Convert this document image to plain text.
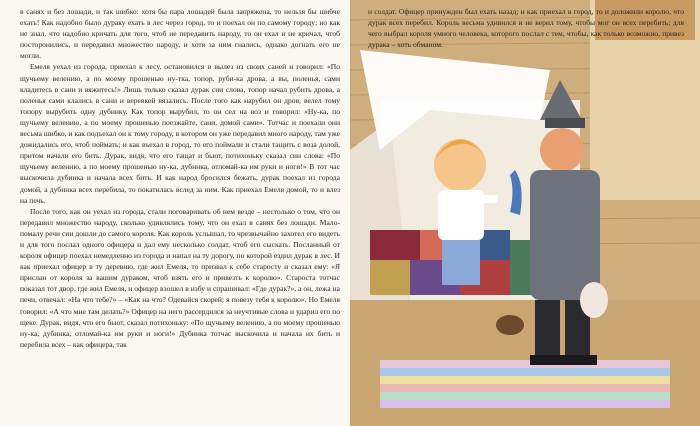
в санях и без лошади, и так шибко: хотя бы пара лошадей была запряжена, то нельзя бы шибче ехать! Как надобно было дураку ехать в лес через город, то и поехал он по самому городу; но как не знал, что надобно кричать для того, чтоб не передавить народу, то он ехал и не кричал, чтоб посторонились, и передавил множество народу, и хотя за ним гнались, однако догнать его не могли.

Емеля уехал из города, приехал к лесу, остановился и вылез из своих саней и говорил: «По щучьему велению, а по моему прошенью ну-тка, топор, руби-ка дрова, а вы, поленья, сами кладитесь в сани и вяжитесь!» Лишь только сказал дурак сии слова, топор начал рубить дрова, а поленья сами клались в сани и веревкой вязались. После того как нарубил он дров, велел тому топору вырубить одну дубинку. Как топор вырубил, то он сел на воз и говорил: «Ну-ка, по щучьему велению, а по моему прошенью поезжайте, сани, домой сами». Тотчас и поехали они весьма шибко, и как подъехал он к тому городу, в котором он уже передавил много народу, там уже дожидались его, чтоб поймать; и как въехал в город, то его поймали и стали тащить с воза долой, притом начали его бить. Дурак, видя, что его тащат и бьют, потихоньку сказал сии слова: «По щучьему велению, а по моему прошенью ну-ка, дубинка, отломай-ка им руки и ноги!» В тот час выскочила дубинка и начала всех бить. И как народ бросился бежать, дурак поехал из города домой, а дубинка всех перебила, то покатилась вслед за ним. Как приехал Емеля домой, то и влез на печь.

После того, как он уехал из города, стали поговаривать об нем везде – нестолько о том, что он передавил множество народу, сколько удивлялись тому, что он ехал в санях без лошади. Мало-помалу речи сии дошли до самого короля. Как король услышал, то чрезвычайно захотел его видеть и для того послал одного офицера и дал ему несколько солдат, чтоб его сыскать. Посланный от короля офицер поехал немедленно из города и напал на ту дорогу, по которой ездил дурак в лес. И как приехал офицер в ту деревню, где жил Емеля, то призвал к себе старосту и сказал ему: «Я прислан от короля за вашим дураком, чтоб взять его и привезть к королю». Староста тотчас показал тот двор, где жил Емеля, и офицер взошел в избу и спрашивал: «Где дурак?», а он, лежа на печи, отвечал: «На что тебе?» – «Как на что? Одевайся скорей; я повезу тебя к королю». Но Емеля говорил: «А что мне там делать?» Офицер на него рассердился за неучтивые слова и ударил его по щеке. Дурак, видя, что его бьют, сказал потихоньку: «По щучьему велению, а по моему прошенью ну-ка, дубинка, отломай-ка им руки и ноги!» Дубинка тотчас выскочила и начала их бить и перебила всех – как офицера, так

и солдат. Офицер принужден был ехать назад; и как приехал в город, то и доложили королю, что дурак всех перебил. Король весьма удивился и не верил тому, чтобы мог он всех перебить; для чего выбрал короля умного человека, которого послал с тем, чтобы, как только возможно, привез дурака – хоть обманом.
